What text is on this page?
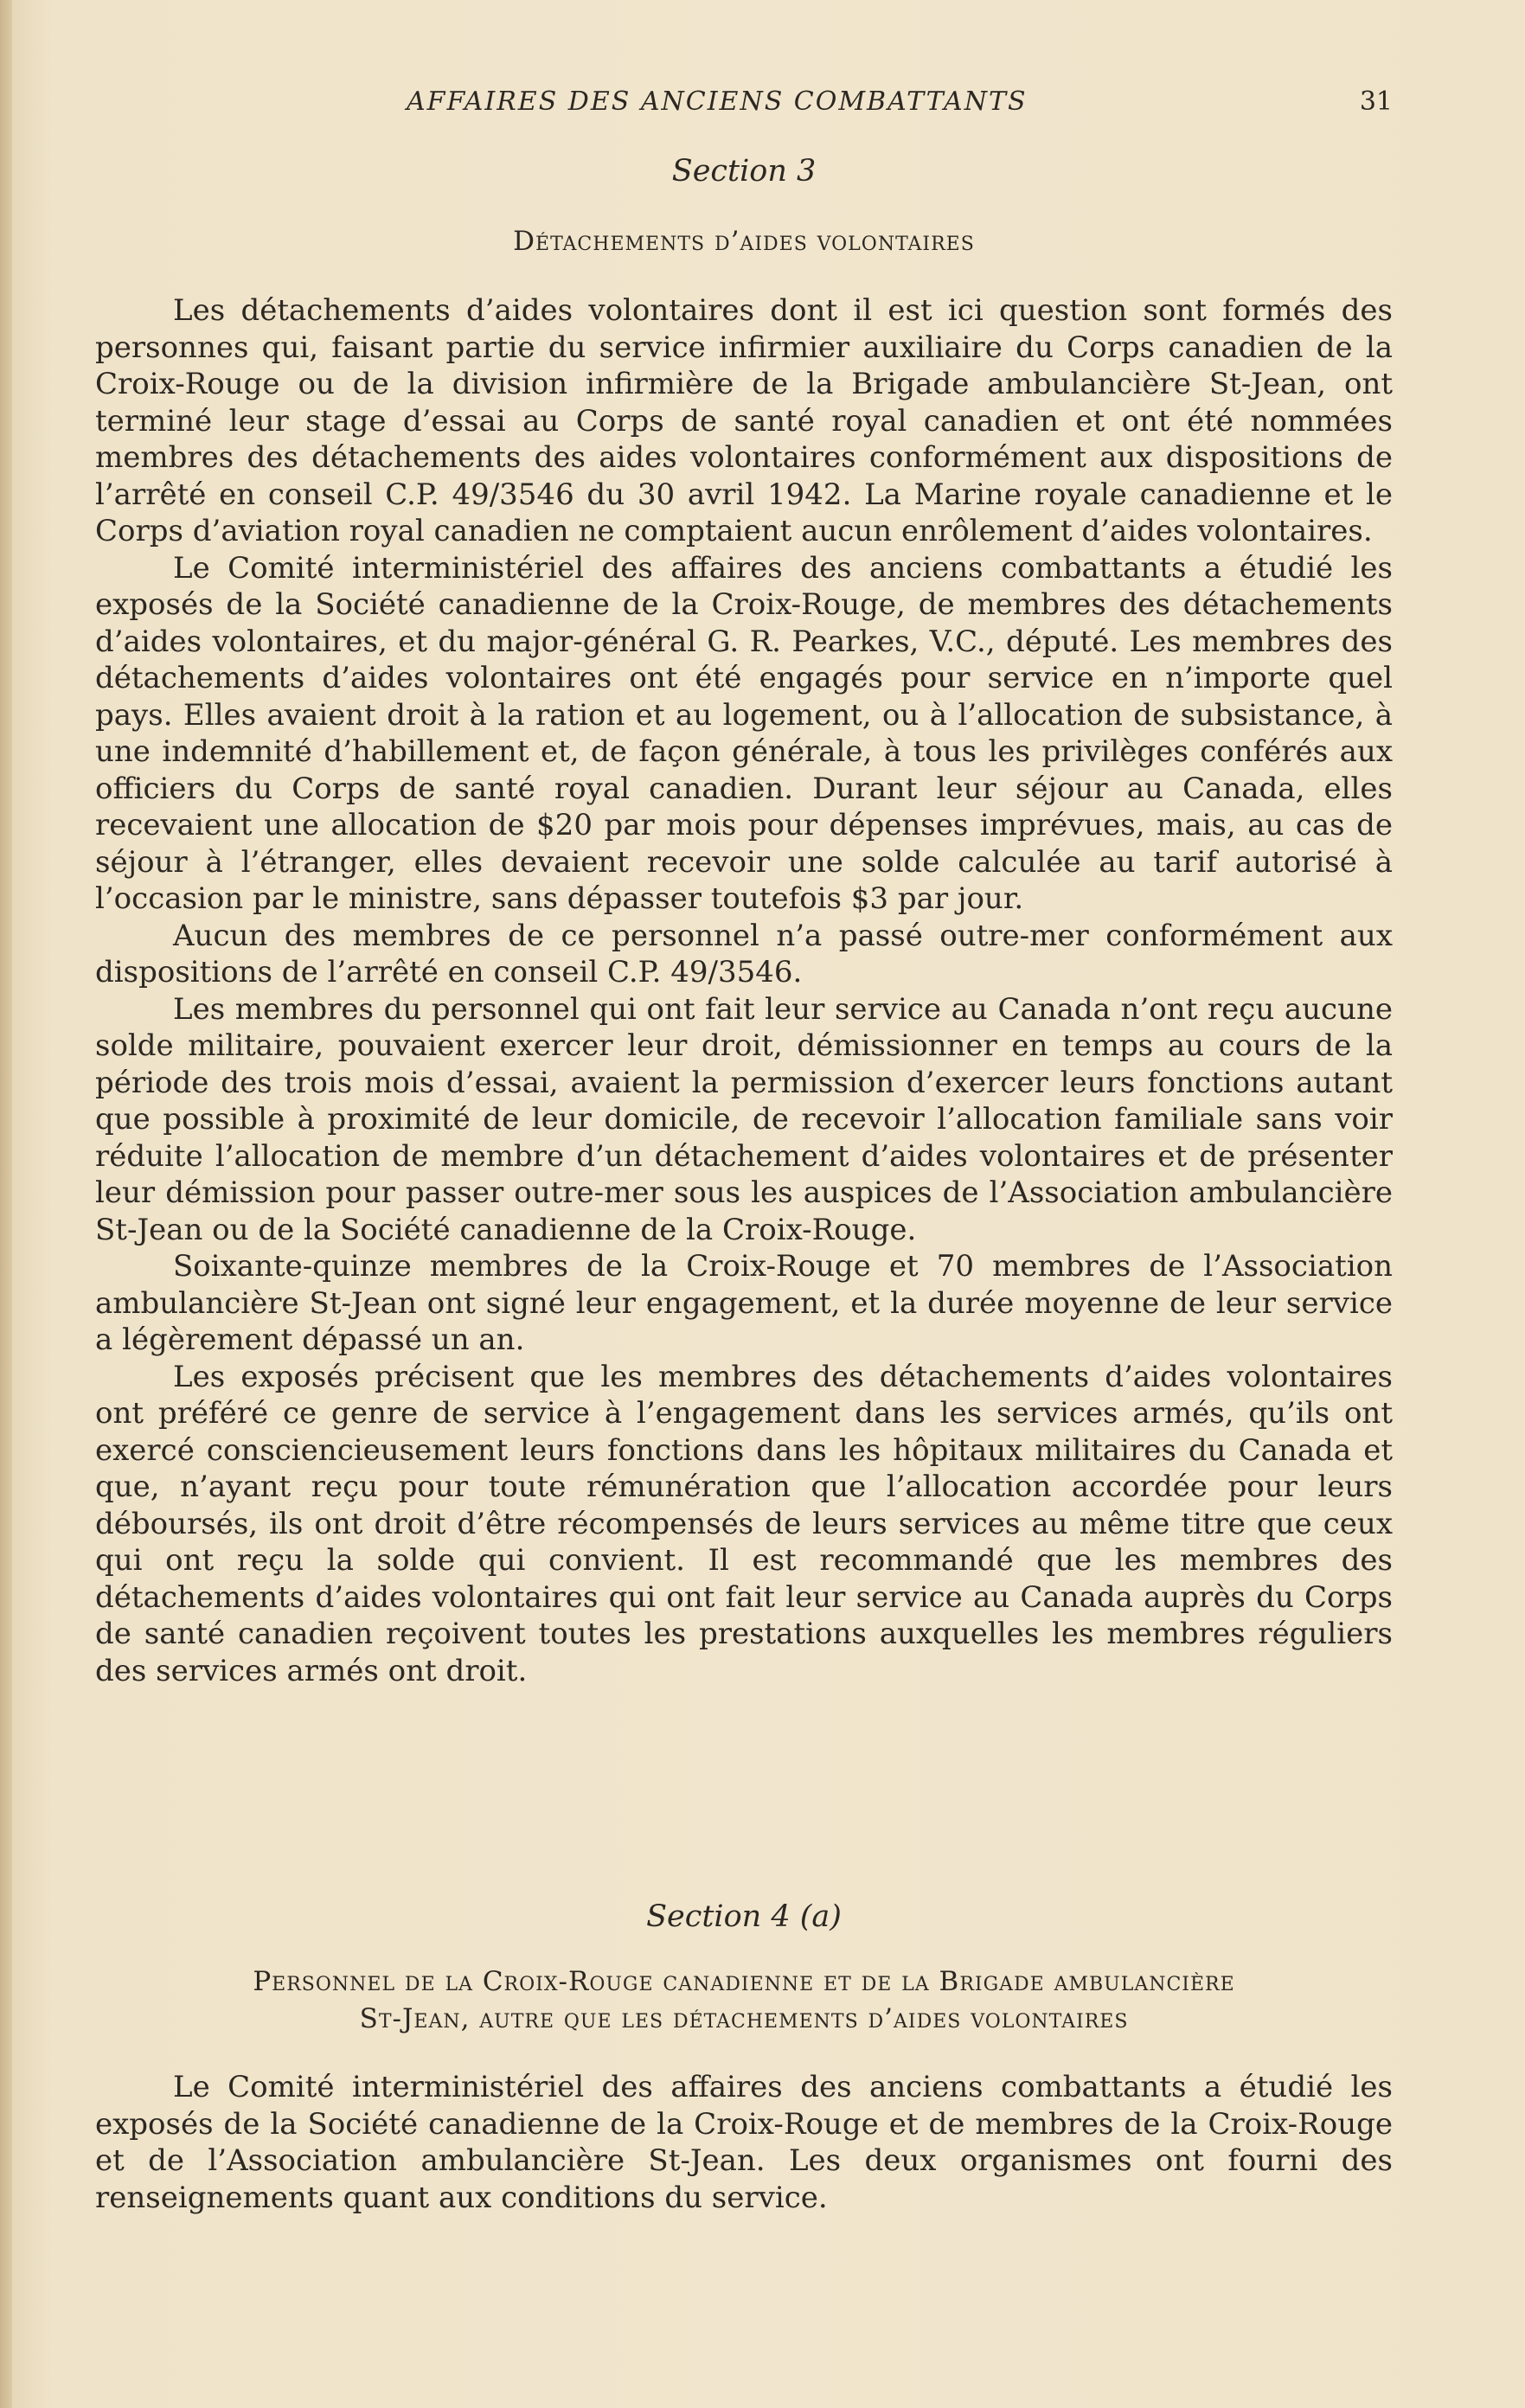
AFFAIRES DES ANCIENS COMBATTANTS	31
Section 3
Détachements d’aides volontaires

Les détachements d’aides volontaires dont il est ici question sont formés des personnes qui, faisant partie du service infirmier auxiliaire du Corps canadien de la Croix-Rouge ou de la division infirmière de la Brigade ambulancière St-Jean, ont terminé leur stage d’essai au Corps de santé royal canadien et ont été nommées membres des détachements des aides volontaires conformément aux dispositions de l’arrêté en conseil C.P. 49/3546 du 30 avril 1942. La Marine royale canadienne et le Corps d’aviation royal canadien ne comptaient aucun enrôlement d’aides volontaires.

Le Comité interministériel des affaires des anciens combattants a étudié les exposés de la Société canadienne de la Croix-Rouge, de membres des détachements d’aides volontaires, et du major-général G. R. Pearkes, V.C., député. Les membres des détachements d’aides volontaires ont été engagés pour service en n’importe quel pays. Elles avaient droit à la ration et au logement, ou à l’allocation de subsistance, à une indemnité d’habillement et, de façon générale, à tous les privilèges conférés aux officiers du Corps de santé royal canadien. Durant leur séjour au Canada, elles recevaient une allocation de $20 par mois pour dépenses imprévues, mais, au cas de séjour à l’étranger, elles devaient recevoir une solde calculée au tarif autorisé à l’occasion par le ministre, sans dépasser toutefois $3 par jour.

Aucun des membres de ce personnel n’a passé outre-mer conformément aux dispositions de l’arrêté en conseil C.P. 49/3546.

Les membres du personnel qui ont fait leur service au Canada n’ont reçu aucune solde militaire, pouvaient exercer leur droit, démissionner en temps au cours de la période des trois mois d’essai, avaient la permission d’exercer leurs fonctions autant que possible à proximité de leur domicile, de recevoir l’allocation familiale sans voir réduite l’allocation de membre d’un détachement d’aides volontaires et de présenter leur démission pour passer outre-mer sous les auspices de l’Association ambulancière St-Jean ou de la Société canadienne de la Croix-Rouge.

Soixante-quinze membres de la Croix-Rouge et 70 membres de l’Association ambulancière St-Jean ont signé leur engagement, et la durée moyenne de leur service a légèrement dépassé un an.

Les exposés précisent que les membres des détachements d’aides volontaires ont préféré ce genre de service à l’engagement dans les services armés, qu’ils ont exercé consciencieusement leurs fonctions dans les hôpitaux militaires du Canada et que, n’ayant reçu pour toute rémunération que l’allocation accordée pour leurs déboursés, ils ont droit d’être récompensés de leurs services au même titre que ceux qui ont reçu la solde qui convient. Il est recommandé que les membres des détachements d’aides volontaires qui ont fait leur service au Canada auprès du Corps de santé canadien reçoivent toutes les prestations auxquelles les membres réguliers des services armés ont droit.

Section 4 (a)
Personnel de la Croix-Rouge canadienne et de la Brigade ambulancière
St-Jean, autre que les détachements d’aides volontaires

Le Comité interministériel des affaires des anciens combattants a étudié les exposés de la Société canadienne de la Croix-Rouge et de membres de la Croix-Rouge et de l’Association ambulancière St-Jean. Les deux organismes ont fourni des renseignements quant aux conditions du service.
